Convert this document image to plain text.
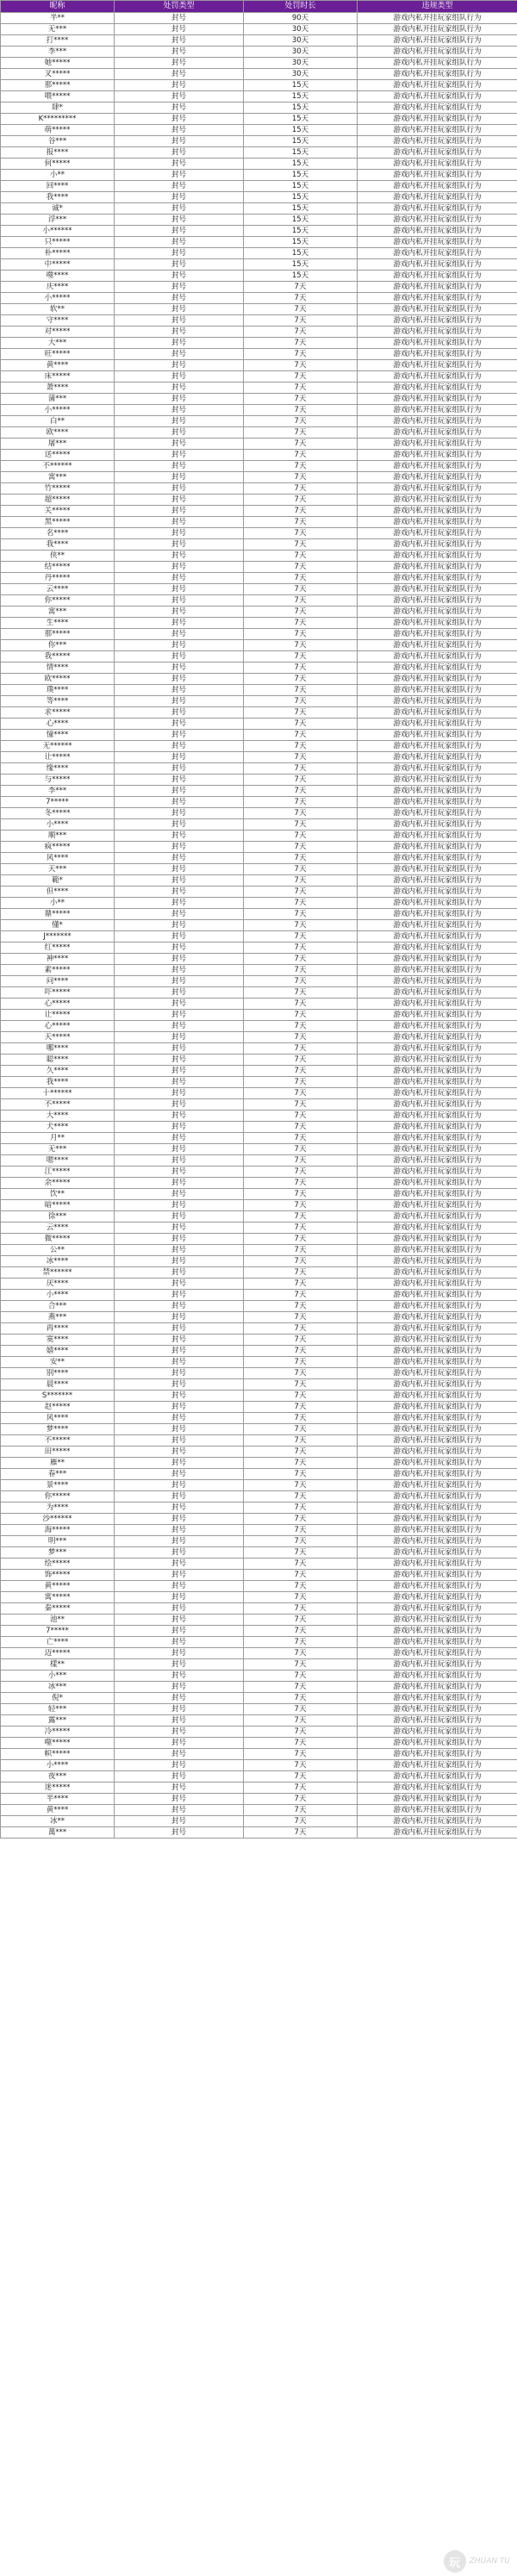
昵称	处罚类型	处罚时长	违规类型
半**	封号	90天	游戏内私开挂玩家组队行为
无***	封号	30天	游戏内私开挂玩家组队行为
打****	封号	30天	游戏内私开挂玩家组队行为
李***	封号	30天	游戏内私开挂玩家组队行为
她*****	封号	30天	游戏内私开挂玩家组队行为
叉*****	封号	30天	游戏内私开挂玩家组队行为
那*****	封号	15天	游戏内私开挂玩家组队行为
喂*****	封号	15天	游戏内私开挂玩家组队行为
肆*	封号	15天	游戏内私开挂玩家组队行为
K*********	封号	15天	游戏内私开挂玩家组队行为
萌*****	封号	15天	游戏内私开挂玩家组队行为
谷***	封号	15天	游戏内私开挂玩家组队行为
报****	封号	15天	游戏内私开挂玩家组队行为
何*****	封号	15天	游戏内私开挂玩家组队行为
小**	封号	15天	游戏内私开挂玩家组队行为
回****	封号	15天	游戏内私开挂玩家组队行为
我****	封号	15天	游戏内私开挂玩家组队行为
诚*	封号	15天	游戏内私开挂玩家组队行为
浮***	封号	15天	游戏内私开挂玩家组队行为
小******	封号	15天	游戏内私开挂玩家组队行为
只*****	封号	15天	游戏内私开挂玩家组队行为
朴*****	封号	15天	游戏内私开挂玩家组队行为
中*****	封号	15天	游戏内私开挂玩家组队行为
噬****	封号	15天	游戏内私开挂玩家组队行为
庆****	封号	7天	游戏内私开挂玩家组队行为
小*****	封号	7天	游戏内私开挂玩家组队行为
软**	封号	7天	游戏内私开挂玩家组队行为
守****	封号	7天	游戏内私开挂玩家组队行为
对*****	封号	7天	游戏内私开挂玩家组队行为
大***	封号	7天	游戏内私开挂玩家组队行为
旺*****	封号	7天	游戏内私开挂玩家组队行为
黄****	封号	7天	游戏内私开挂玩家组队行为
床*****	封号	7天	游戏内私开挂玩家组队行为
萧****	封号	7天	游戏内私开挂玩家组队行为
蒲***	封号	7天	游戏内私开挂玩家组队行为
小*****	封号	7天	游戏内私开挂玩家组队行为
白**	封号	7天	游戏内私开挂玩家组队行为
欧****	封号	7天	游戏内私开挂玩家组队行为
屠***	封号	7天	游戏内私开挂玩家组队行为
送*****	封号	7天	游戏内私开挂玩家组队行为
不******	封号	7天	游戏内私开挂玩家组队行为
寓***	封号	7天	游戏内私开挂玩家组队行为
竹*****	封号	7天	游戏内私开挂玩家组队行为
超*****	封号	7天	游戏内私开挂玩家组队行为
关*****	封号	7天	游戏内私开挂玩家组队行为
黑*****	封号	7天	游戏内私开挂玩家组队行为
名****	封号	7天	游戏内私开挂玩家组队行为
我****	封号	7天	游戏内私开挂玩家组队行为
侠**	封号	7天	游戏内私开挂玩家组队行为
结*****	封号	7天	游戏内私开挂玩家组队行为
丹*****	封号	7天	游戏内私开挂玩家组队行为
云****	封号	7天	游戏内私开挂玩家组队行为
你*****	封号	7天	游戏内私开挂玩家组队行为
寓***	封号	7天	游戏内私开挂玩家组队行为
生****	封号	7天	游戏内私开挂玩家组队行为
那*****	封号	7天	游戏内私开挂玩家组队行为
你***	封号	7天	游戏内私开挂玩家组队行为
我*****	封号	7天	游戏内私开挂玩家组队行为
情****	封号	7天	游戏内私开挂玩家组队行为
欧*****	封号	7天	游戏内私开挂玩家组队行为
璞****	封号	7天	游戏内私开挂玩家组队行为
等****	封号	7天	游戏内私开挂玩家组队行为
求*****	封号	7天	游戏内私开挂玩家组队行为
心****	封号	7天	游戏内私开挂玩家组队行为
憧****	封号	7天	游戏内私开挂玩家组队行为
无******	封号	7天	游戏内私开挂玩家组队行为
让*****	封号	7天	游戏内私开挂玩家组队行为
缘****	封号	7天	游戏内私开挂玩家组队行为
与*****	封号	7天	游戏内私开挂玩家组队行为
李***	封号	7天	游戏内私开挂玩家组队行为
7*****	封号	7天	游戏内私开挂玩家组队行为
冬*****	封号	7天	游戏内私开挂玩家组队行为
小****	封号	7天	游戏内私开挂玩家组队行为
顺***	封号	7天	游戏内私开挂玩家组队行为
疯*****	封号	7天	游戏内私开挂玩家组队行为
风****	封号	7天	游戏内私开挂玩家组队行为
天***	封号	7天	游戏内私开挂玩家组队行为
範*	封号	7天	游戏内私开挂玩家组队行为
但****	封号	7天	游戏内私开挂玩家组队行为
小**	封号	7天	游戏内私开挂玩家组队行为
鼎*****	封号	7天	游戏内私开挂玩家组队行为
懂*	封号	7天	游戏内私开挂玩家组队行为
J*******	封号	7天	游戏内私开挂玩家组队行为
红*****	封号	7天	游戏内私开挂玩家组队行为
神****	封号	7天	游戏内私开挂玩家组队行为
素*****	封号	7天	游戏内私开挂玩家组队行为
问****	封号	7天	游戏内私开挂玩家组队行为
吓*****	封号	7天	游戏内私开挂玩家组队行为
心*****	封号	7天	游戏内私开挂玩家组队行为
让*****	封号	7天	游戏内私开挂玩家组队行为
心*****	封号	7天	游戏内私开挂玩家组队行为
天*****	封号	7天	游戏内私开挂玩家组队行为
哪****	封号	7天	游戏内私开挂玩家组队行为
聪****	封号	7天	游戏内私开挂玩家组队行为
久****	封号	7天	游戏内私开挂玩家组队行为
我****	封号	7天	游戏内私开挂玩家组队行为
十******	封号	7天	游戏内私开挂玩家组队行为
不*****	封号	7天	游戏内私开挂玩家组队行为
大****	封号	7天	游戏内私开挂玩家组队行为
犬****	封号	7天	游戏内私开挂玩家组队行为
月**	封号	7天	游戏内私开挂玩家组队行为
无***	封号	7天	游戏内私开挂玩家组队行为
嗯****	封号	7天	游戏内私开挂玩家组队行为
江*****	封号	7天	游戏内私开挂玩家组队行为
余*****	封号	7天	游戏内私开挂玩家组队行为
饮**	封号	7天	游戏内私开挂玩家组队行为
暗*****	封号	7天	游戏内私开挂玩家组队行为
徐***	封号	7天	游戏内私开挂玩家组队行为
云****	封号	7天	游戏内私开挂玩家组队行为
微*****	封号	7天	游戏内私开挂玩家组队行为
公**	封号	7天	游戏内私开挂玩家组队行为
冰****	封号	7天	游戏内私开挂玩家组队行为
禁******	封号	7天	游戏内私开挂玩家组队行为
厌****	封号	7天	游戏内私开挂玩家组队行为
小****	封号	7天	游戏内私开挂玩家组队行为
合***	封号	7天	游戏内私开挂玩家组队行为
燕***	封号	7天	游戏内私开挂玩家组队行为
再****	封号	7天	游戏内私开挂玩家组队行为
寞****	封号	7天	游戏内私开挂玩家组队行为
嬉****	封号	7天	游戏内私开挂玩家组队行为
安**	封号	7天	游戏内私开挂玩家组队行为
别****	封号	7天	游戏内私开挂玩家组队行为
晨****	封号	7天	游戏内私开挂玩家组队行为
S*******	封号	7天	游戏内私开挂玩家组队行为
赵*****	封号	7天	游戏内私开挂玩家组队行为
风****	封号	7天	游戏内私开挂玩家组队行为
梦****	封号	7天	游戏内私开挂玩家组队行为
不*****	封号	7天	游戏内私开挂玩家组队行为
田*****	封号	7天	游戏内私开挂玩家组队行为
雁**	封号	7天	游戏内私开挂玩家组队行为
春***	封号	7天	游戏内私开挂玩家组队行为
景****	封号	7天	游戏内私开挂玩家组队行为
你*****	封号	7天	游戏内私开挂玩家组队行为
为****	封号	7天	游戏内私开挂玩家组队行为
沙******	封号	7天	游戏内私开挂玩家组队行为
海*****	封号	7天	游戏内私开挂玩家组队行为
明***	封号	7天	游戏内私开挂玩家组队行为
梦***	封号	7天	游戏内私开挂玩家组队行为
绘*****	封号	7天	游戏内私开挂玩家组队行为
饰*****	封号	7天	游戏内私开挂玩家组队行为
黄*****	封号	7天	游戏内私开挂玩家组队行为
寓*****	封号	7天	游戏内私开挂玩家组队行为
秦*****	封号	7天	游戏内私开挂玩家组队行为
池**	封号	7天	游戏内私开挂玩家组队行为
7*****	封号	7天	游戏内私开挂玩家组队行为
亡****	封号	7天	游戏内私开挂玩家组队行为
迈*****	封号	7天	游戏内私开挂玩家组队行为
樣**	封号	7天	游戏内私开挂玩家组队行为
小***	封号	7天	游戏内私开挂玩家组队行为
冰***	封号	7天	游戏内私开挂玩家组队行为
倪*	封号	7天	游戏内私开挂玩家组队行为
轻***	封号	7天	游戏内私开挂玩家组队行为
露***	封号	7天	游戏内私开挂玩家组队行为
冷*****	封号	7天	游戏内私开挂玩家组队行为
噬*****	封号	7天	游戏内私开挂玩家组队行为
帜*****	封号	7天	游戏内私开挂玩家组队行为
小****	封号	7天	游戏内私开挂玩家组队行为
夜***	封号	7天	游戏内私开挂玩家组队行为
迷*****	封号	7天	游戏内私开挂玩家组队行为
半****	封号	7天	游戏内私开挂玩家组队行为
黄****	封号	7天	游戏内私开挂玩家组队行为
冰**	封号	7天	游戏内私开挂玩家组队行为
萬***	封号	7天	游戏内私开挂玩家组队行为
玩	ZHUAN TU
